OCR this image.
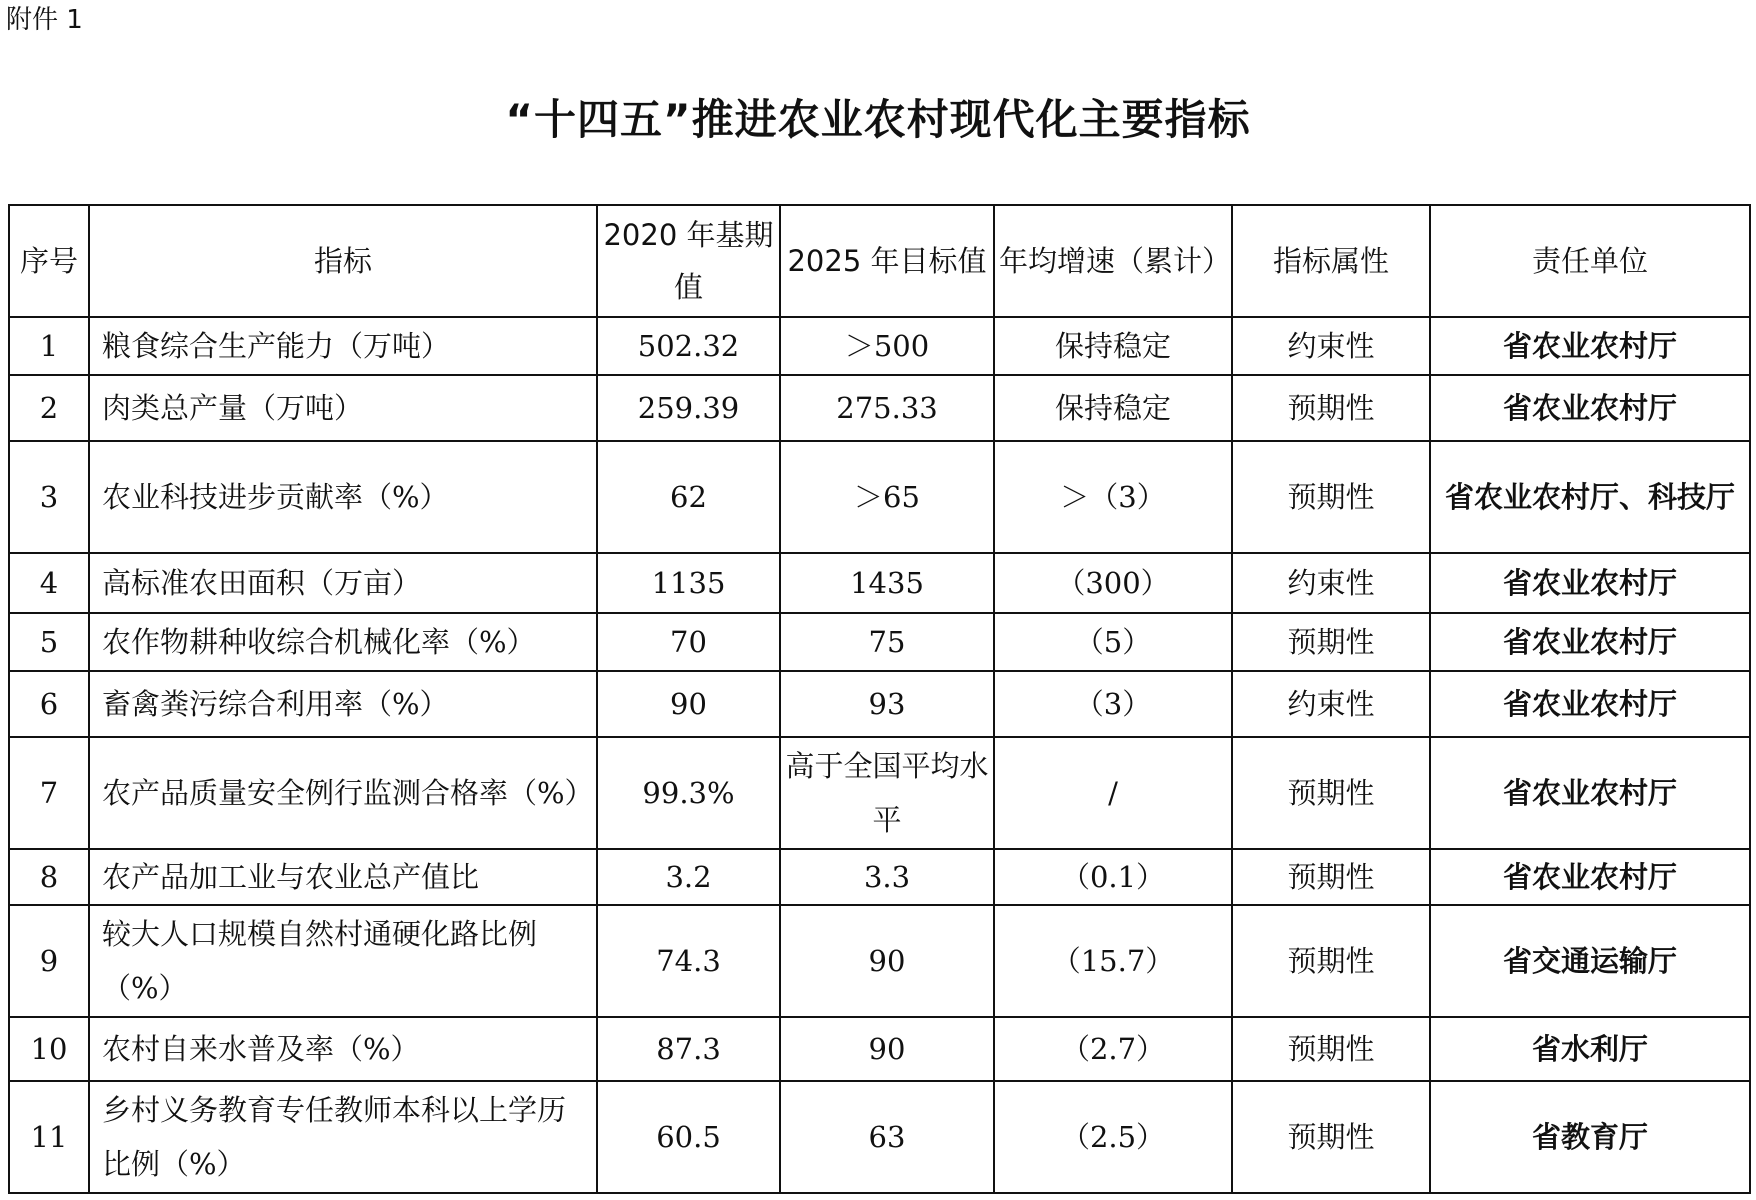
附件 1
“十四五”推进农业农村现代化主要指标
序号	指标	2020 年基期值	2025 年目标值	年均增速（累计）	指标属性	责任单位
1	粮食综合生产能力（万吨）	502.32	＞500	保持稳定	约束性	省农业农村厅
2	肉类总产量（万吨）	259.39	275.33	保持稳定	预期性	省农业农村厅
3	农业科技进步贡献率（%）	62	＞65	＞（3）	预期性	省农业农村厅、科技厅
4	高标准农田面积（万亩）	1135	1435	（300）	约束性	省农业农村厅
5	农作物耕种收综合机械化率（%）	70	75	（5）	预期性	省农业农村厅
6	畜禽粪污综合利用率（%）	90	93	（3）	约束性	省农业农村厅
7	农产品质量安全例行监测合格率（%）	99.3%	高于全国平均水平	/	预期性	省农业农村厅
8	农产品加工业与农业总产值比	3.2	3.3	（0.1）	预期性	省农业农村厅
9	较大人口规模自然村通硬化路比例（%）	74.3	90	（15.7）	预期性	省交通运输厅
10	农村自来水普及率（%）	87.3	90	（2.7）	预期性	省水利厅
11	乡村义务教育专任教师本科以上学历比例（%）	60.5	63	（2.5）	预期性	省教育厅
